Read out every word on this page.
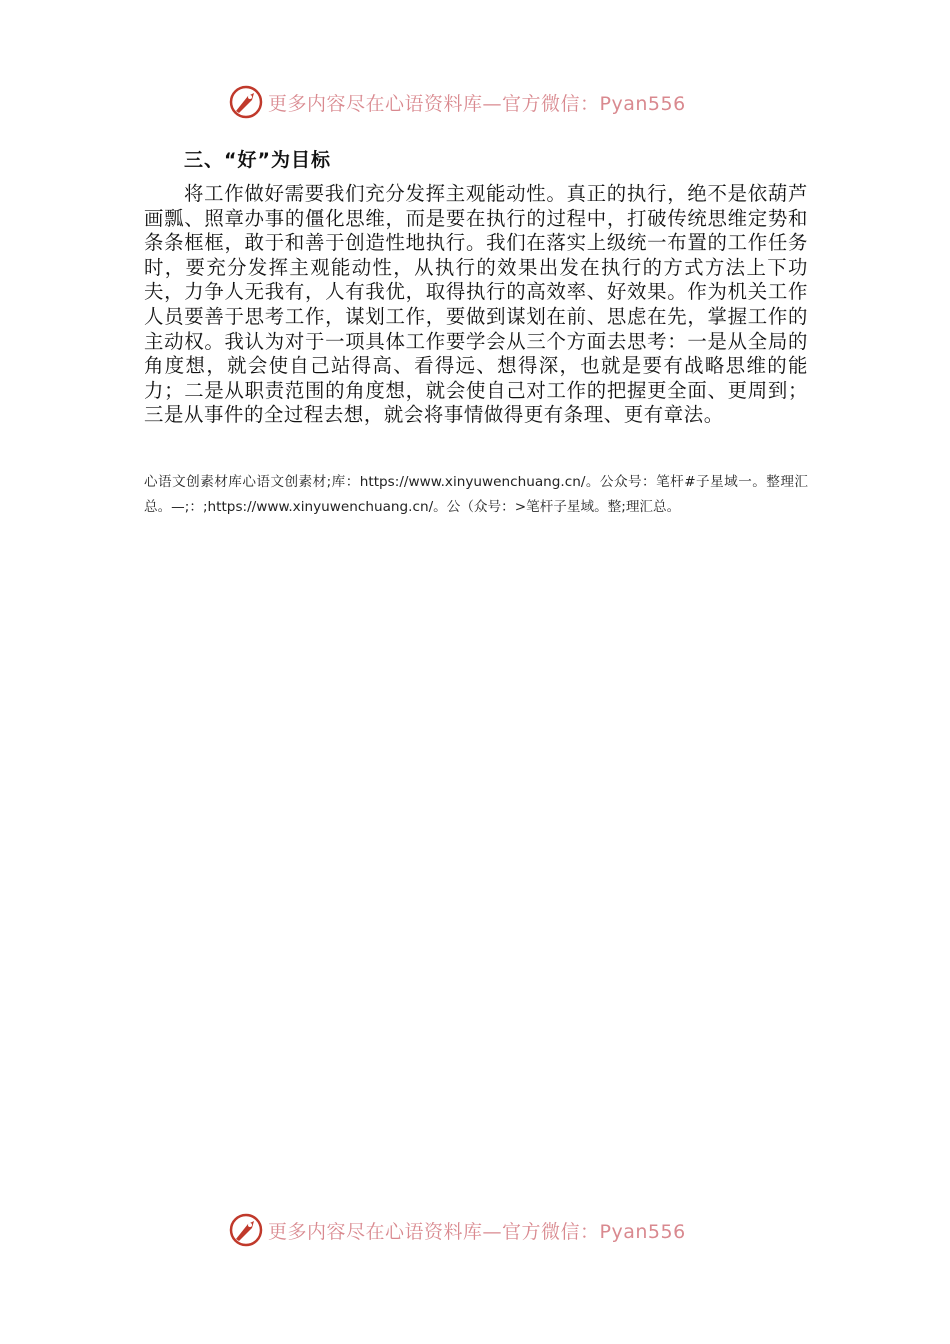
更多内容尽在心语资料库—官方微信：Pyan556
三、“好”为目标
将工作做好需要我们充分发挥主观能动性。真正的执行，绝不是依葫芦画瓢、照章办事的僵化思维，而是要在执行的过程中，打破传统思维定势和条条框框，敢于和善于创造性地执行。我们在落实上级统一布置的工作任务时，要充分发挥主观能动性，从执行的效果出发在执行的方式方法上下功夫，力争人无我有，人有我优，取得执行的高效率、好效果。作为机关工作人员要善于思考工作，谋划工作，要做到谋划在前、思虑在先，掌握工作的主动权。我认为对于一项具体工作要学会从三个方面去思考：一是从全局的角度想，就会使自己站得高、看得远、想得深，也就是要有战略思维的能力；二是从职责范围的角度想，就会使自己对工作的把握更全面、更周到；三是从事件的全过程去想，就会将事情做得更有条理、更有章法。
心语文创素材库心语文创素材;库：https://www.xinyuwenchuang.cn/。公众号：笔杆#子星域一。整理汇总。—;：;https://www.xinyuwenchuang.cn/。公（众号：>笔杆子星域。整;理汇总。
更多内容尽在心语资料库—官方微信：Pyan556
